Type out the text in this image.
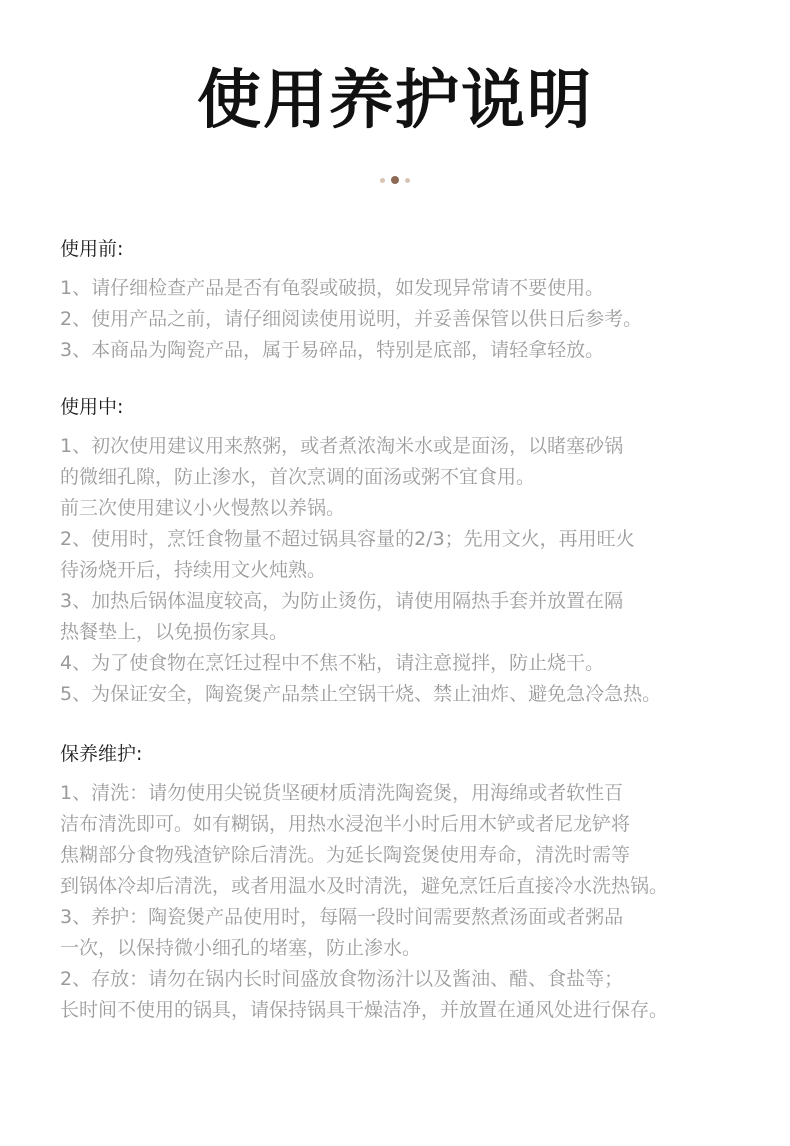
使用养护说明

使用前:

1、请仔细检查产品是否有龟裂或破损，如发现异常请不要使用。

2、使用产品之前，请仔细阅读使用说明，并妥善保管以供日后参考。

3、本商品为陶瓷产品，属于易碎品，特别是底部，请轻拿轻放。

使用中:

1、初次使用建议用来熬粥，或者煮浓淘米水或是面汤，以睹塞砂锅

的微细孔隙，防止渗水，首次烹调的面汤或粥不宜食用。

前三次使用建议小火慢熬以养锅。

2、使用时，烹饪食物量不超过锅具容量的2/3；先用文火，再用旺火

待汤烧开后，持续用文火炖熟。

3、加热后锅体温度较高，为防止烫伤，请使用隔热手套并放置在隔

热餐垫上，以免损伤家具。

4、为了使食物在烹饪过程中不焦不粘，请注意搅拌，防止烧干。

5、为保证安全，陶瓷煲产品禁止空锅干烧、禁止油炸、避免急冷急热。

保养维护:

1、清洗：请勿使用尖锐货坚硬材质清洗陶瓷煲，用海绵或者软性百

洁布清洗即可。如有糊锅，用热水浸泡半小时后用木铲或者尼龙铲将

焦糊部分食物残渣铲除后清洗。为延长陶瓷煲使用寿命，清洗时需等

到锅体冷却后清洗，或者用温水及时清洗，避免烹饪后直接冷水洗热锅。

3、养护：陶瓷煲产品使用时，每隔一段时间需要熬煮汤面或者粥品

一次，以保持微小细孔的堵塞，防止渗水。

2、存放：请勿在锅内长时间盛放食物汤汁以及酱油、醋、食盐等；

长时间不使用的锅具，请保持锅具干燥洁净，并放置在通风处进行保存。
